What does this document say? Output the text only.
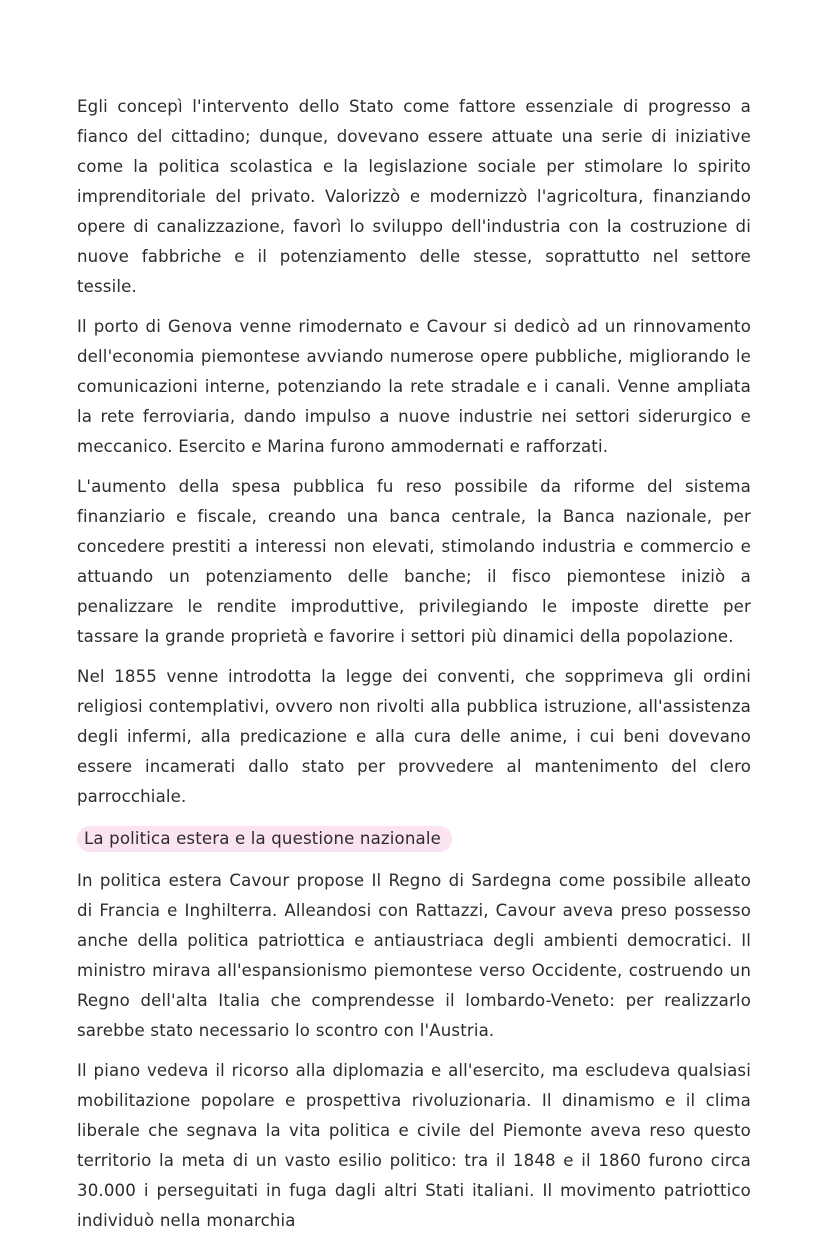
Egli concepì l'intervento dello Stato come fattore essenziale di progresso a fianco del cittadino; dunque, dovevano essere attuate una serie di iniziative come la politica scolastica e la legislazione sociale per stimolare lo spirito imprenditoriale del privato. Valorizzò e modernizzò l'agricoltura, finanziando opere di canalizzazione, favorì lo sviluppo dell'industria con la costruzione di nuove fabbriche e il potenziamento delle stesse, soprattutto nel settore tessile.

Il porto di Genova venne rimodernato e Cavour si dedicò ad un rinnovamento dell'economia piemontese avviando numerose opere pubbliche, migliorando le comunicazioni interne, potenziando la rete stradale e i canali. Venne ampliata la rete ferroviaria, dando impulso a nuove industrie nei settori siderurgico e meccanico. Esercito e Marina furono ammodernati e rafforzati.

L'aumento della spesa pubblica fu reso possibile da riforme del sistema finanziario e fiscale, creando una banca centrale, la Banca nazionale, per concedere prestiti a interessi non elevati, stimolando industria e commercio e attuando un potenziamento delle banche; il fisco piemontese iniziò a penalizzare le rendite improduttive, privilegiando le imposte dirette per tassare la grande proprietà e favorire i settori più dinamici della popolazione.

Nel 1855 venne introdotta la legge dei conventi, che sopprimeva gli ordini religiosi contemplativi, ovvero non rivolti alla pubblica istruzione, all'assistenza degli infermi, alla predicazione e alla cura delle anime, i cui beni dovevano essere incamerati dallo stato per provvedere al mantenimento del clero parrocchiale.

La politica estera e la questione nazionale

In politica estera Cavour propose Il Regno di Sardegna come possibile alleato di Francia e Inghilterra. Alleandosi con Rattazzi, Cavour aveva preso possesso anche della politica patriottica e antiaustriaca degli ambienti democratici. Il ministro mirava all'espansionismo piemontese verso Occidente, costruendo un Regno dell'alta Italia che comprendesse il lombardo-Veneto: per realizzarlo sarebbe stato necessario lo scontro con l'Austria.

Il piano vedeva il ricorso alla diplomazia e all'esercito, ma escludeva qualsiasi mobilitazione popolare e prospettiva rivoluzionaria. Il dinamismo e il clima liberale che segnava la vita politica e civile del Piemonte aveva reso questo territorio la meta di un vasto esilio politico: tra il 1848 e il 1860 furono circa 30.000 i perseguitati in fuga dagli altri Stati italiani. Il movimento patriottico individuò nella monarchia
